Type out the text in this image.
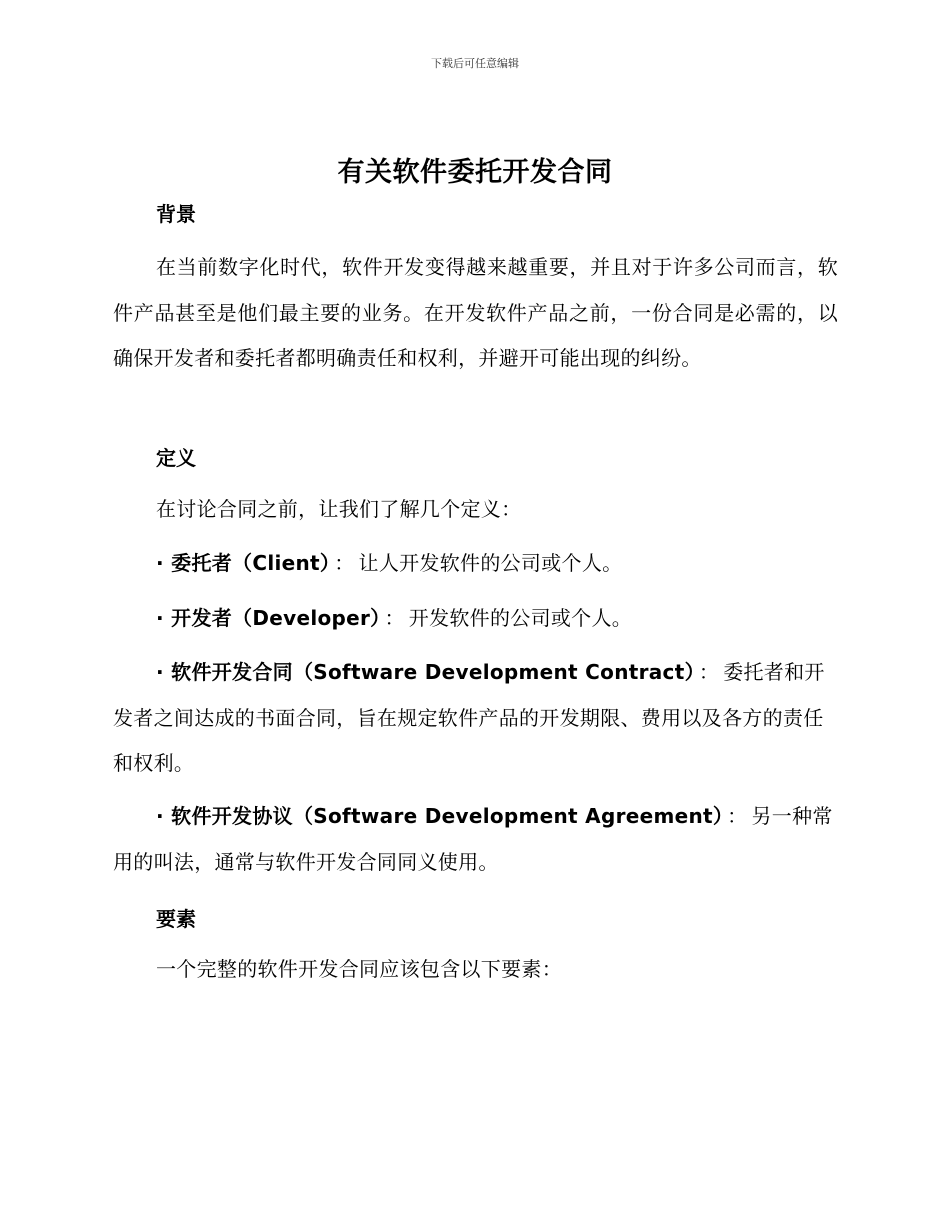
下载后可任意编辑
有关软件委托开发合同
背景
在当前数字化时代，软件开发变得越来越重要，并且对于许多公司而言，软件产品甚至是他们最主要的业务。在开发软件产品之前，一份合同是必需的，以确保开发者和委托者都明确责任和权利，并避开可能出现的纠纷。
定义
在讨论合同之前，让我们了解几个定义：
· 委托者（Client） ： 让人开发软件的公司或个人。
· 开发者（Developer） ： 开发软件的公司或个人。
· 软件开发合同（Software Development Contract） ： 委托者和开发者之间达成的书面合同，旨在规定软件产品的开发期限、费用以及各方的责任和权利。
· 软件开发协议（Software Development Agreement） ： 另一种常用的叫法，通常与软件开发合同同义使用。
要素
一个完整的软件开发合同应该包含以下要素：
